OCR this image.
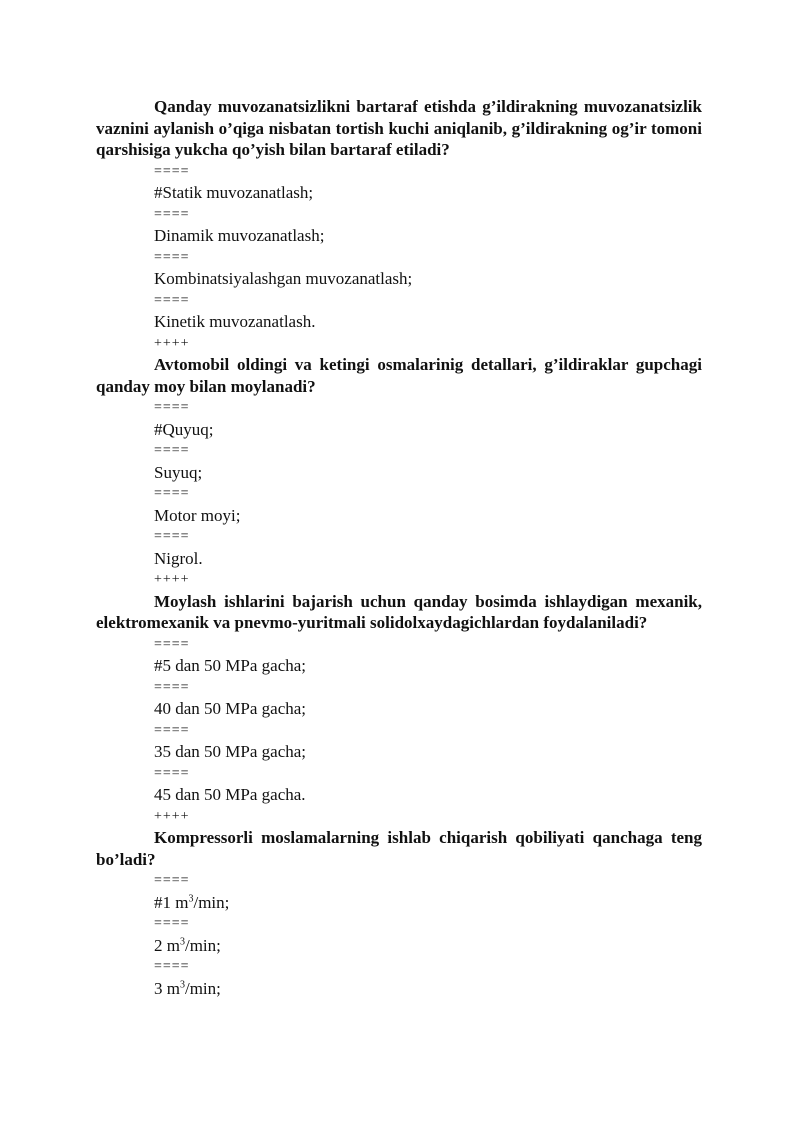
Qanday muvozanatsizlikni bartaraf etishda g’ildirakning muvozanatsizlik vaznini aylanish o’qiga nisbatan tortish kuchi aniqlanib, g’ildirakning og’ir tomoni qarshisiga yukcha qo’yish bilan bartaraf etiladi?

====

#Statik muvozanatlash;

====

Dinamik muvozanatlash;

====

Kombinatsiyalashgan muvozanatlash;

====

Kinetik muvozanatlash.

++++

Avtomobil oldingi va ketingi osmalarinig detallari, g’ildiraklar gupchagi qanday moy bilan moylanadi?

====

#Quyuq;

====

Suyuq;

====

Motor moyi;

====

Nigrol.

++++

Moylash ishlarini bajarish uchun qanday bosimda ishlaydigan mexanik, elektromexanik va pnevmo-yuritmali solidolxaydagichlardan foydalaniladi?

====

#5 dan 50 MPa gacha;

====

40 dan 50 MPa gacha;

====

35 dan 50 MPa gacha;

====

45 dan 50 MPa gacha.

++++

Kompressorli moslamalarning ishlab chiqarish qobiliyati qanchaga teng bo’ladi?

====

#1 $m^3/\min$;

====

2 $m^3/\min$;

====

3 $m^3/\min$;
